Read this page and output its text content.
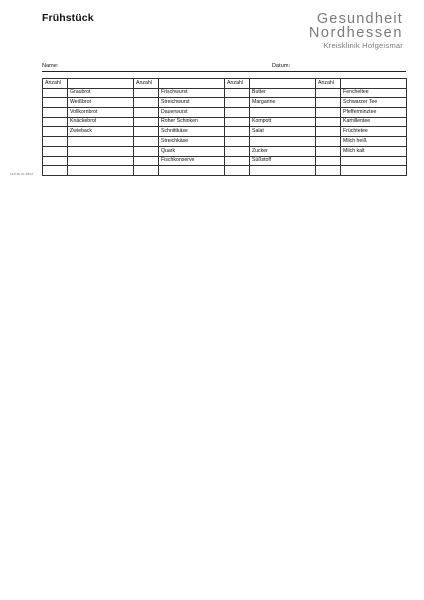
Frühstück	Gesundheit
Nordhessen
Kreisklinik Hofgeismar
Name:	Datum:
Anzahl		Anzahl		Anzahl		Anzahl	
	Graubrot		Frischwurst		Butter		Fencheltee
	Weißbrot		Streichwurst		Margarine		Schwarzer Tee
	Vollkornbrot		Dauerwurst				Pfefferminztee
	Knäckebrot		Roher Schinken		Kompott		Kamillentee
	Zwieback		Schnittkäse		Salat		Früchtetee
			Streichkäse				Milch heiß
			Quark		Zucker		Milch kalt
			Fischkonserve		Süßstoff		

147/15-V1 08/17
